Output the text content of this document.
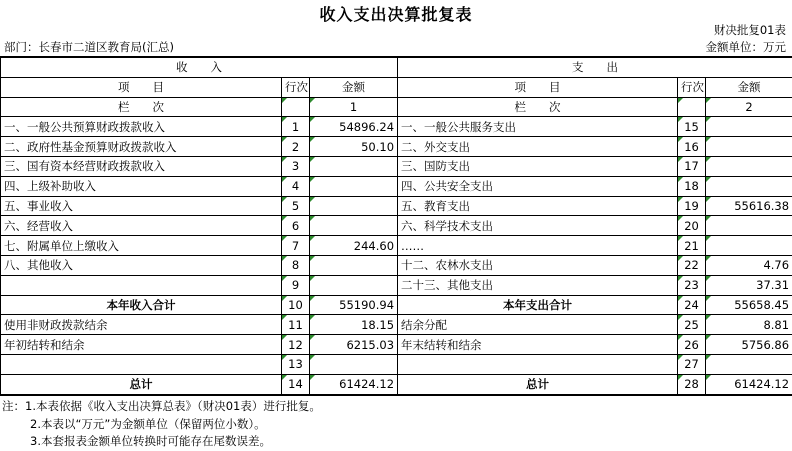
收入支出决算批复表
财决批复01表
部门：长春市二道区教育局(汇总)	金额单位：万元
收　　入			支　　出		
项　　目	行次	金额	项　　目	行次	金额
栏　　次		1	栏　　次		2
一、一般公共预算财政拨款收入	1	54896.24	一、一般公共服务支出	15	
二、政府性基金预算财政拨款收入	2	50.10	二、外交支出	16	
三、国有资本经营财政拨款收入	3		三、国防支出	17	
四、上级补助收入	4		四、公共安全支出	18	
五、事业收入	5		五、教育支出	19	55616.38
六、经营收入	6		六、科学技术支出	20	
七、附属单位上缴收入	7	244.60	……	21	
八、其他收入	8		十二、农林水支出	22	4.76
	9		二十三、其他支出	23	37.31
本年收入合计	10	55190.94	本年支出合计	24	55658.45
使用非财政拨款结余	11	18.15	结余分配	25	8.81
年初结转和结余	12	6215.03	年末结转和结余	26	5756.86
	13			27	
总计	14	61424.12	总计	28	61424.12
注：1.本表依据《收入支出决算总表》（财决01表）进行批复。
2.本表以“万元”为金额单位（保留两位小数）。
3.本套报表金额单位转换时可能存在尾数误差。
